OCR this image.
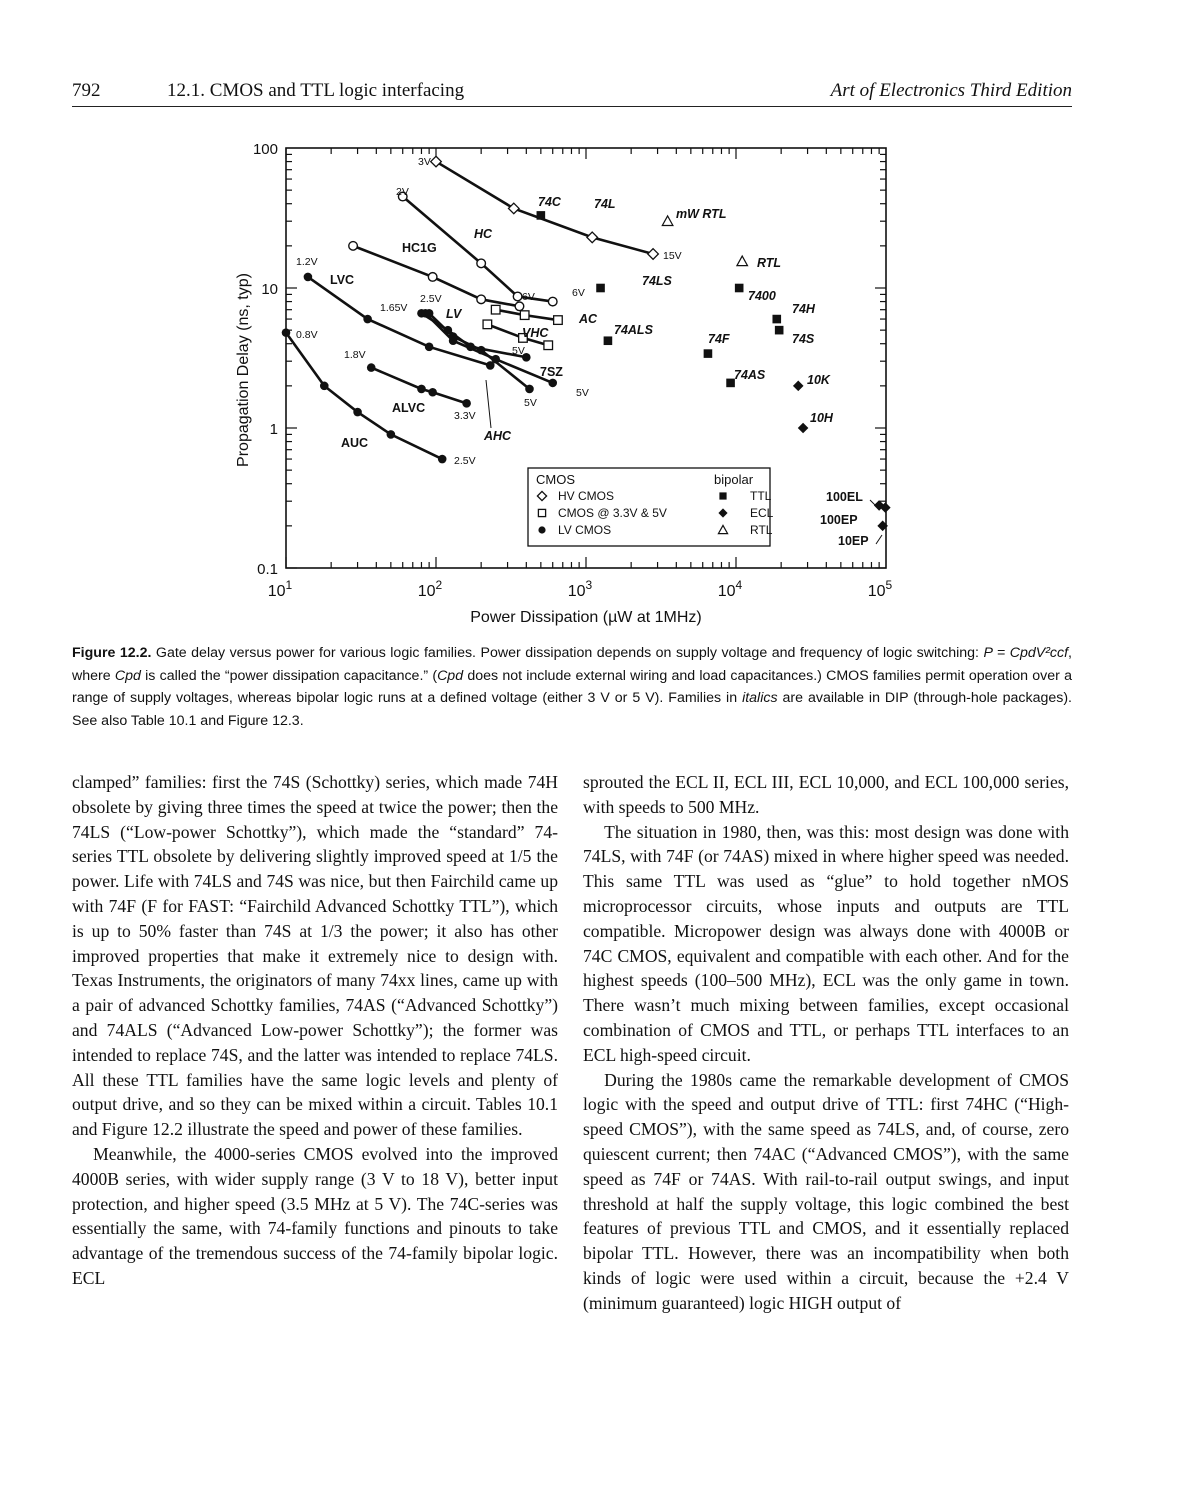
792	12.1. CMOS and TTL logic interfacing	Art of Electronics Third Edition
$10^1$	$10^2$	$10^3$	$10^4$	$10^5$
0.1
1
10
100
Power Dissipation (µW at 1MHz)
Propagation Delay (ns, typ)
74C	74L
mW RTL
RTL
74LS
7400
74H
74S
74ALS
74F
74AS	10K
10H
100EL
100EP
10EP
HC
HC1G
AC
VHC
LVC
LV
7SZ
ALVC
AUC	AHC
3V
15V
2V
6V
1.2V
0.8V
1.65V
2.5V
1.8V
3.3V
5V
5V
5V
2.5V
6V
CMOS
HV CMOS
CMOS @ 3.3V & 5V
LV CMOS
bipolar
TTL
ECL
RTL
Figure 12.2. Gate delay versus power for various logic families. Power dissipation depends on supply voltage and frequency of logic switching: P = CpdV²ccf, where Cpd is called the “power dissipation capacitance.” (Cpd does not include external wiring and load capacitances.) CMOS families permit operation over a range of supply voltages, whereas bipolar logic runs at a defined voltage (either 3 V or 5 V). Families in italics are available in DIP (through-hole packages). See also Table 10.1 and Figure 12.3.

clamped” families: first the 74S (Schottky) series, which made 74H obsolete by giving three times the speed at twice the power; then the 74LS (“Low-power Schottky”), which made the “standard” 74-series TTL obsolete by delivering slightly improved speed at 1/5 the power. Life with 74LS and 74S was nice, but then Fairchild came up with 74F (F for FAST: “Fairchild Advanced Schottky TTL”), which is up to 50% faster than 74S at 1/3 the power; it also has other improved properties that make it extremely nice to design with. Texas Instruments, the originators of many 74xx lines, came up with a pair of advanced Schottky families, 74AS (“Advanced Schottky”) and 74ALS (“Advanced Low-power Schottky”); the former was intended to replace 74S, and the latter was intended to replace 74LS. All these TTL families have the same logic levels and plenty of output drive, and so they can be mixed within a circuit. Tables 10.1 and Figure 12.2 illustrate the speed and power of these families.

Meanwhile, the 4000-series CMOS evolved into the improved 4000B series, with wider supply range (3 V to 18 V), better input protection, and higher speed (3.5 MHz at 5 V). The 74C-series was essentially the same, with 74-family functions and pinouts to take advantage of the tremendous success of the 74-family bipolar logic. ECL

sprouted the ECL II, ECL III, ECL 10,000, and ECL 100,000 series, with speeds to 500 MHz.

The situation in 1980, then, was this: most design was done with 74LS, with 74F (or 74AS) mixed in where higher speed was needed. This same TTL was used as “glue” to hold together nMOS microprocessor circuits, whose inputs and outputs are TTL compatible. Micropower design was always done with 4000B or 74C CMOS, equivalent and compatible with each other. And for the highest speeds (100–500 MHz), ECL was the only game in town. There wasn’t much mixing between families, except occasional combination of CMOS and TTL, or perhaps TTL interfaces to an ECL high-speed circuit.

During the 1980s came the remarkable development of CMOS logic with the speed and output drive of TTL: first 74HC (“High-speed CMOS”), with the same speed as 74LS, and, of course, zero quiescent current; then 74AC (“Advanced CMOS”), with the same speed as 74F or 74AS. With rail-to-rail output swings, and input threshold at half the supply voltage, this logic combined the best features of previous TTL and CMOS, and it essentially replaced bipolar TTL. However, there was an incompatibility when both kinds of logic were used within a circuit, because the +2.4 V (minimum guaranteed) logic HIGH output of
